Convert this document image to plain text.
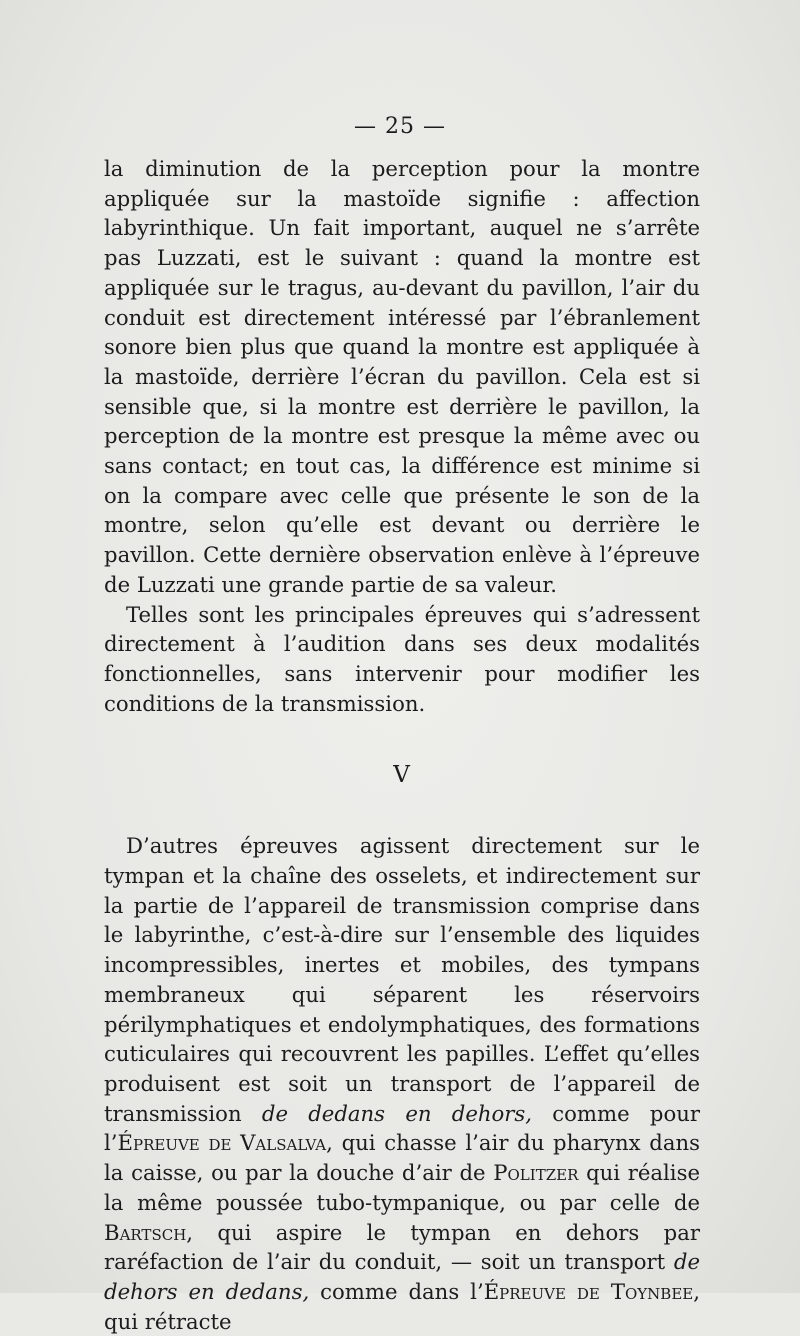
— 25 —

la diminution de la perception pour la montre appliquée sur la mastoïde signifie : affection labyrinthique. Un fait important, auquel ne s’arrête pas Luzzati, est le suivant : quand la montre est appliquée sur le tragus, au-devant du pavillon, l’air du conduit est directement intéressé par l’ébranlement sonore bien plus que quand la montre est appliquée à la mastoïde, derrière l’écran du pavillon. Cela est si sensible que, si la montre est derrière le pavillon, la perception de la montre est presque la même avec ou sans contact; en tout cas, la différence est minime si on la compare avec celle que présente le son de la montre, selon qu’elle est devant ou derrière le pavillon. Cette dernière observation enlève à l’épreuve de Luzzati une grande partie de sa valeur.

Telles sont les principales épreuves qui s’adressent directement à l’audition dans ses deux modalités fonctionnelles, sans intervenir pour modifier les conditions de la transmission.

V

D’autres épreuves agissent directement sur le tympan et la chaîne des osselets, et indirectement sur la partie de l’appareil de transmission comprise dans le labyrinthe, c’est-à-dire sur l’ensemble des liquides incompressibles, inertes et mobiles, des tympans membraneux qui séparent les réservoirs périlymphatiques et endolymphatiques, des formations cuticulaires qui recouvrent les papilles. L’effet qu’elles produisent est soit un transport de l’appareil de transmission de dedans en dehors, comme pour l’Épreuve de Valsalva, qui chasse l’air du pharynx dans la caisse, ou par la douche d’air de Politzer qui réalise la même poussée tubo-tympanique, ou par celle de Bartsch, qui aspire le tympan en dehors par raréfaction de l’air du conduit, — soit un transport de dehors en dedans, comme dans l’Épreuve de Toynbee, qui rétracte
